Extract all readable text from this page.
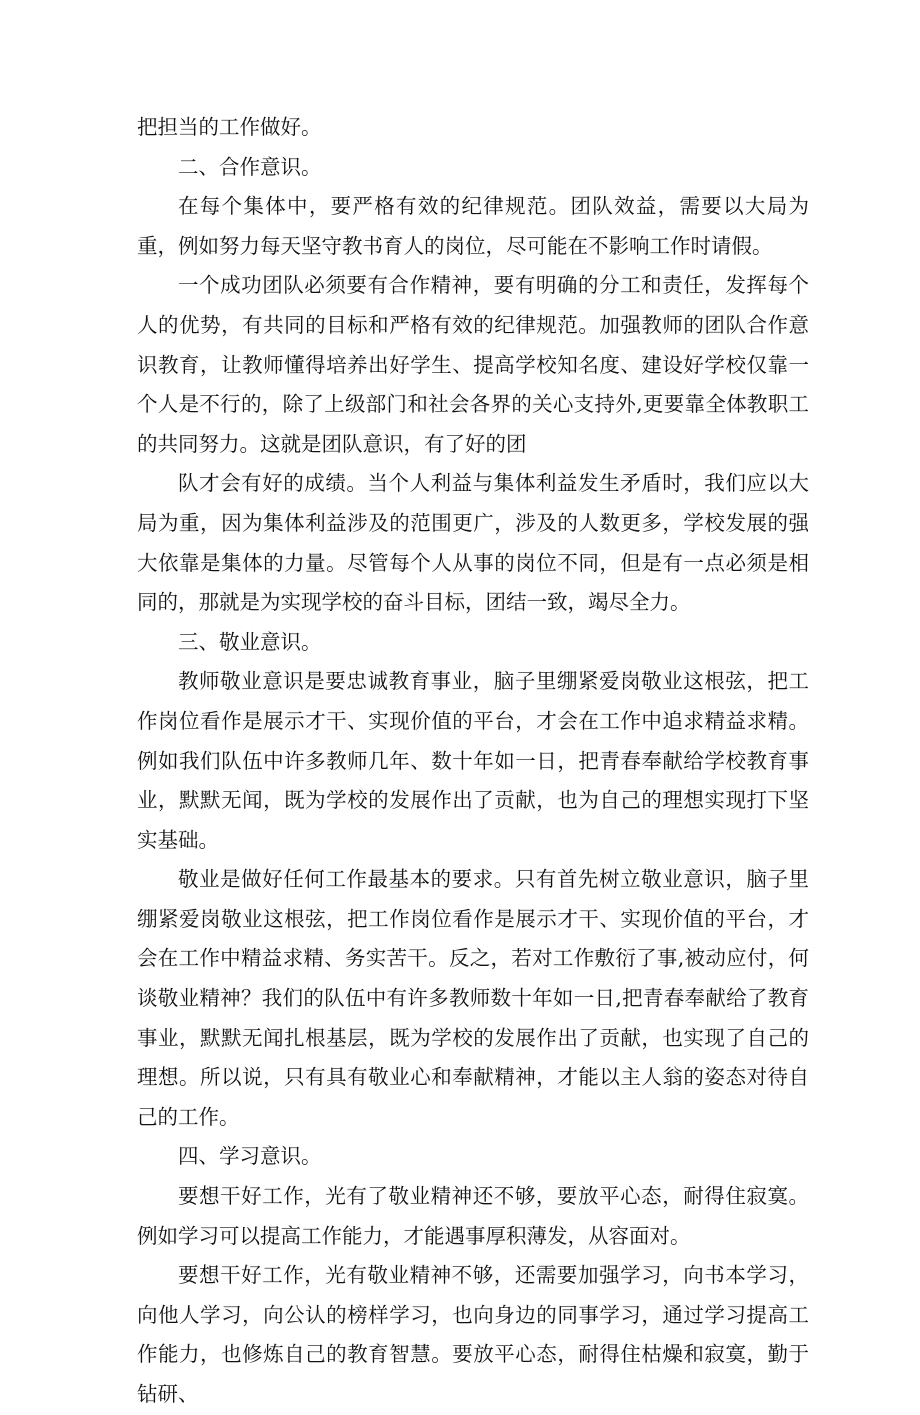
把担当的工作做好。

二、合作意识。

在每个集体中，要严格有效的纪律规范。团队效益，需要以大局为重，例如努力每天坚守教书育人的岗位，尽可能在不影响工作时请假。

一个成功团队必须要有合作精神，要有明确的分工和责任，发挥每个人的优势，有共同的目标和严格有效的纪律规范。加强教师的团队合作意识教育，让教师懂得培养出好学生、提高学校知名度、建设好学校仅靠一个人是不行的，除了上级部门和社会各界的关心支持外,更要靠全体教职工的共同努力。这就是团队意识，有了好的团

队才会有好的成绩。当个人利益与集体利益发生矛盾时，我们应以大局为重，因为集体利益涉及的范围更广，涉及的人数更多，学校发展的强大依靠是集体的力量。尽管每个人从事的岗位不同，但是有一点必须是相同的，那就是为实现学校的奋斗目标，团结一致，竭尽全力。

三、敬业意识。

教师敬业意识是要忠诚教育事业，脑子里绷紧爱岗敬业这根弦，把工作岗位看作是展示才干、实现价值的平台，才会在工作中追求精益求精。例如我们队伍中许多教师几年、数十年如一日，把青春奉献给学校教育事业，默默无闻，既为学校的发展作出了贡献，也为自己的理想实现打下坚实基础。

敬业是做好任何工作最基本的要求。只有首先树立敬业意识，脑子里绷紧爱岗敬业这根弦，把工作岗位看作是展示才干、实现价值的平台，才会在工作中精益求精、务实苦干。反之，若对工作敷衍了事,被动应付，何谈敬业精神？我们的队伍中有许多教师数十年如一日,把青春奉献给了教育事业，默默无闻扎根基层，既为学校的发展作出了贡献，也实现了自己的理想。所以说，只有具有敬业心和奉献精神，才能以主人翁的姿态对待自己的工作。

四、学习意识。

要想干好工作，光有了敬业精神还不够，要放平心态，耐得住寂寞。例如学习可以提高工作能力，才能遇事厚积薄发，从容面对。

要想干好工作，光有敬业精神不够，还需要加强学习，向书本学习，向他人学习，向公认的榜样学习，也向身边的同事学习，通过学习提高工作能力，也修炼自己的教育智慧。要放平心态，耐得住枯燥和寂寞，勤于钻研、
